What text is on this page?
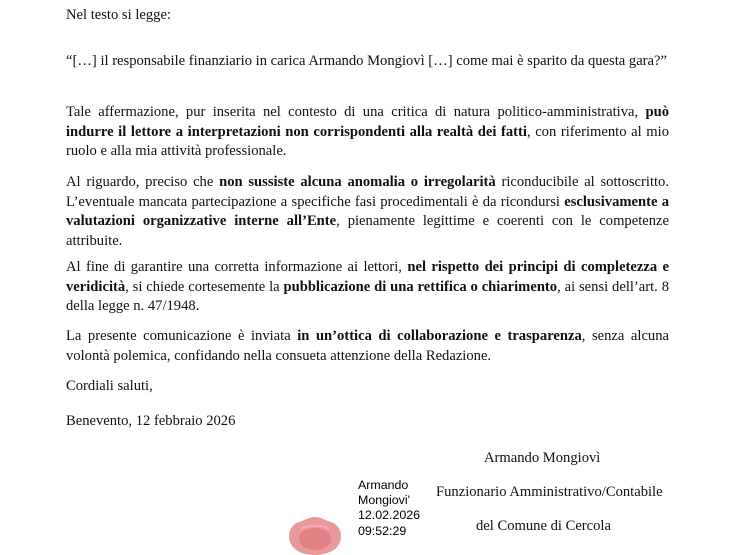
Nel testo si legge:

“[…] il responsabile finanziario in carica Armando Mongiovì […] come mai è sparito da questa gara?”

Tale affermazione, pur inserita nel contesto di una critica di natura politico-amministrativa, può indurre il lettore a interpretazioni non corrispondenti alla realtà dei fatti, con riferimento al mio ruolo e alla mia attività professionale.

Al riguardo, preciso che non sussiste alcuna anomalia o irregolarità riconducibile al sottoscritto. L’eventuale mancata partecipazione a specifiche fasi procedimentali è da ricondursi esclusivamente a valutazioni organizzative interne all’Ente, pienamente legittime e coerenti con le competenze attribuite.

Al fine di garantire una corretta informazione ai lettori, nel rispetto dei principi di completezza e veridicità, si chiede cortesemente la pubblicazione di una rettifica o chiarimento, ai sensi dell’art. 8 della legge n. 47/1948.

La presente comunicazione è inviata in un’ottica di collaborazione e trasparenza, senza alcuna volontà polemica, confidando nella consueta attenzione della Redazione.

Cordiali saluti,
Benevento, 12 febbraio 2026
Armando Mongiovì
Funzionario Amministrativo/Contabile
del Comune di Cercola
Armando
Mongiovi'
12.02.2026
09:52:29
